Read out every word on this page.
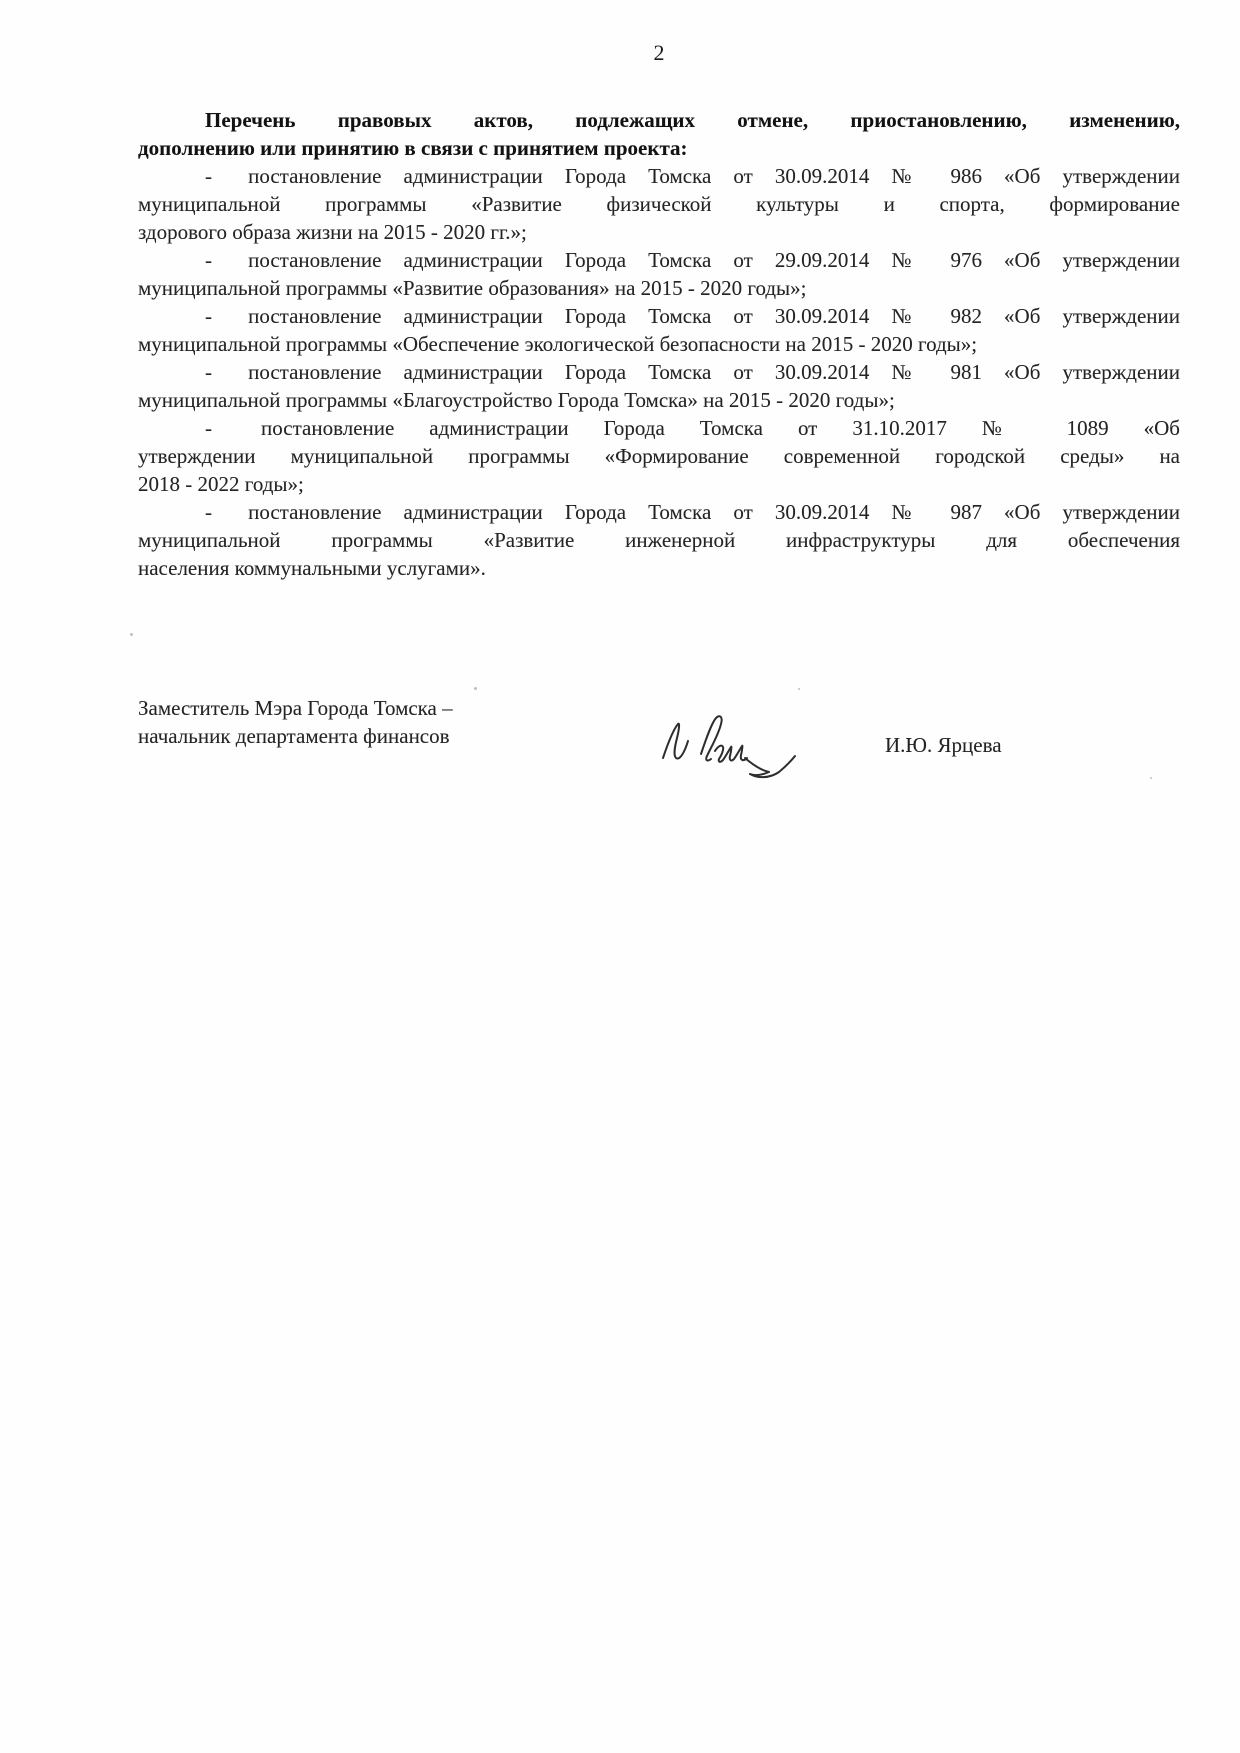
2
Перечень правовых актов, подлежащих отмене, приостановлению, изменению,
дополнению или принятию в связи с принятием проекта:
- постановление администрации Города Томска от 30.09.2014 № 986 «Об утверждении
муниципальной программы «Развитие физической культуры и спорта, формирование
здорового образа жизни на 2015 - 2020 гг.»;
- постановление администрации Города Томска от 29.09.2014 № 976 «Об утверждении
муниципальной программы «Развитие образования» на 2015 - 2020 годы»;
- постановление администрации Города Томска от 30.09.2014 № 982 «Об утверждении
муниципальной программы «Обеспечение экологической безопасности на 2015 - 2020 годы»;
- постановление администрации Города Томска от 30.09.2014 № 981 «Об утверждении
муниципальной программы «Благоустройство Города Томска» на 2015 - 2020 годы»;
- постановление администрации Города Томска от 31.10.2017 № 1089 «Об
утверждении муниципальной программы «Формирование современной городской среды» на
2018 - 2022 годы»;
- постановление администрации Города Томска от 30.09.2014 № 987 «Об утверждении
муниципальной программы «Развитие инженерной инфраструктуры для обеспечения
населения коммунальными услугами».
Заместитель Мэра Города Томска –
начальник департамента финансов	И.Ю. Ярцева
